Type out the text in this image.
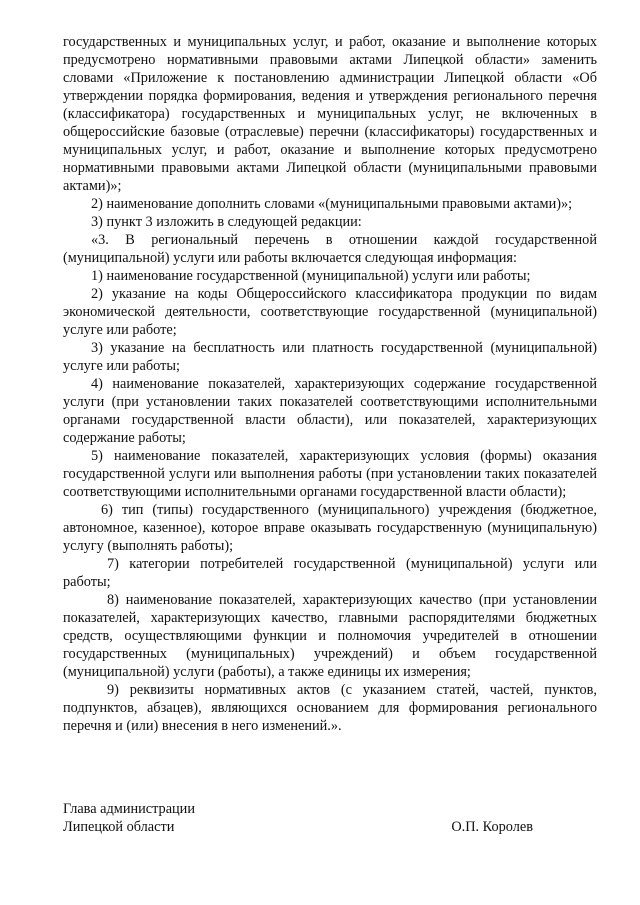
государственных и муниципальных услуг, и работ, оказание и выполнение которых предусмотрено нормативными правовыми актами Липецкой области» заменить словами «Приложение к постановлению администрации Липецкой области «Об утверждении порядка формирования, ведения и утверждения регионального перечня (классификатора) государственных и муниципальных услуг, не включенных в общероссийские базовые (отраслевые) перечни (классификаторы) государственных и муниципальных услуг, и работ, оказание и выполнение которых предусмотрено нормативными правовыми актами Липецкой области (муниципальными правовыми актами)»;

2) наименование дополнить словами «(муниципальными правовыми актами)»;

3) пункт 3 изложить в следующей редакции:

«3. В региональный перечень в отношении каждой государственной (муниципальной) услуги или работы включается следующая информация:

1) наименование государственной (муниципальной) услуги или работы;

2) указание на коды Общероссийского классификатора продукции по видам экономической деятельности, соответствующие государственной (муниципальной) услуге или работе;

3) указание на бесплатность или платность государственной (муниципальной) услуге или работы;

4) наименование показателей, характеризующих содержание государственной услуги (при установлении таких показателей соответствующими исполнительными органами государственной власти области), или показателей, характеризующих содержание работы;

5) наименование показателей, характеризующих условия (формы) оказания государственной услуги или выполнения работы (при установлении таких показателей соответствующими исполнительными органами государственной власти области);

6) тип (типы) государственного (муниципального) учреждения (бюджетное, автономное, казенное), которое вправе оказывать государственную (муниципальную) услугу (выполнять работы);

7) категории потребителей государственной (муниципальной) услуги или работы;

8) наименование показателей, характеризующих качество (при установлении показателей, характеризующих качество, главными распорядителями бюджетных средств, осуществляющими функции и полномочия учредителей в отношении государственных (муниципальных) учреждений) и объем государственной (муниципальной) услуги (работы), а также единицы их измерения;

9) реквизиты нормативных актов (с указанием статей, частей, пунктов, подпунктов, абзацев), являющихся основанием для формирования регионального перечня и (или) внесения в него изменений.».

Глава администрации
Липецкой области	О.П. Королев
